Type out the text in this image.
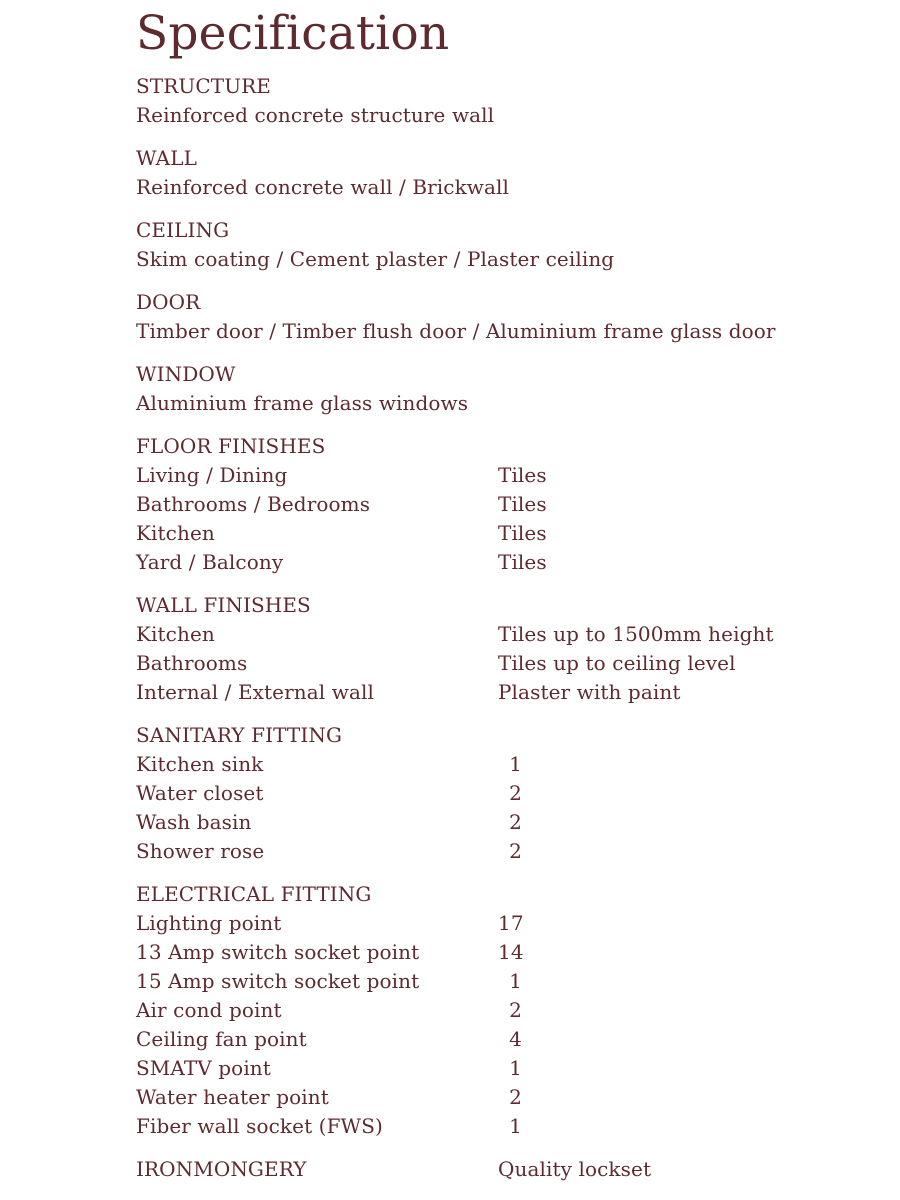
Specification
STRUCTURE
Reinforced concrete structure wall
WALL
Reinforced concrete wall / Brickwall
CEILING
Skim coating / Cement plaster / Plaster ceiling
DOOR
Timber door / Timber flush door / Aluminium frame glass door
WINDOW
Aluminium frame glass windows
FLOOR FINISHES
Living / Dining	Tiles
Bathrooms / Bedrooms	Tiles
Kitchen	Tiles
Yard / Balcony	Tiles
WALL FINISHES
Kitchen	Tiles up to 1500mm height
Bathrooms	Tiles up to ceiling level
Internal / External wall	Plaster with paint
SANITARY FITTING
Kitchen sink	1
Water closet	2
Wash basin	2
Shower rose	2
ELECTRICAL FITTING
Lighting point	17
13 Amp switch socket point	14
15 Amp switch socket point	1
Air cond point	2
Ceiling fan point	4
SMATV point	1
Water heater point	2
Fiber wall socket (FWS)	1
IRONMONGERY	Quality lockset
